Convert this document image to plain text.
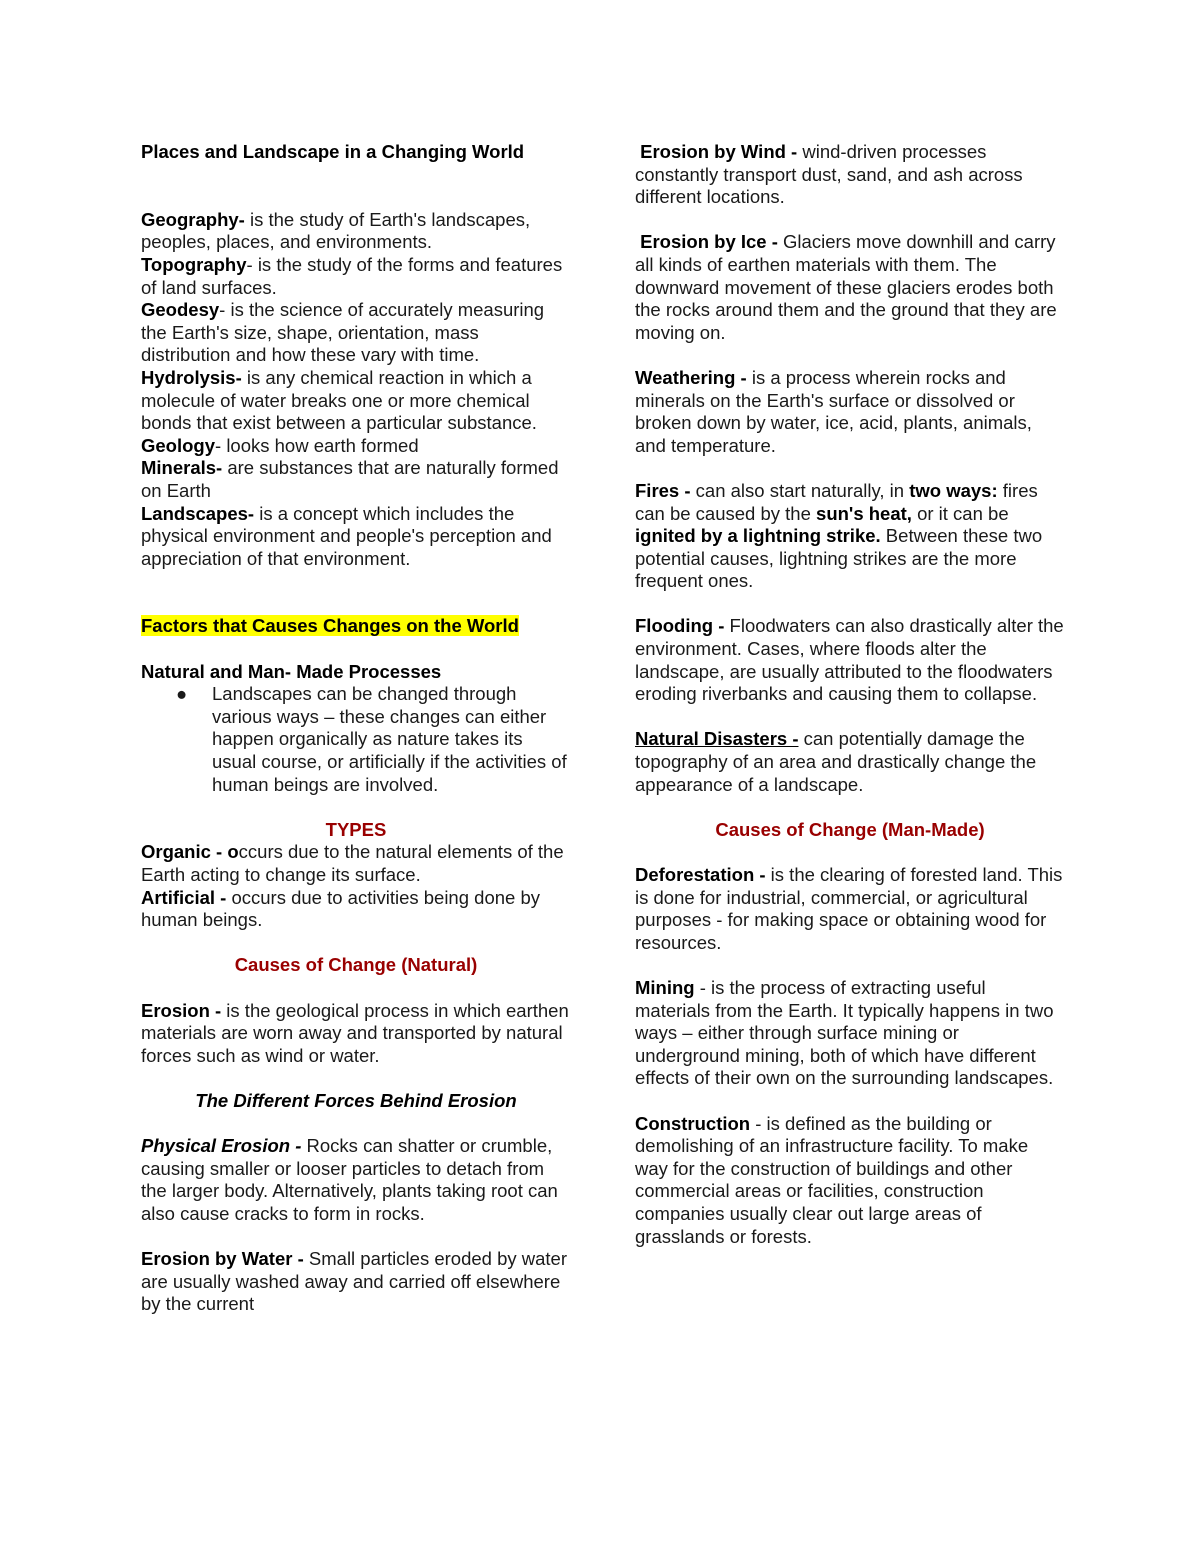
Places and Landscape in a Changing World

Geography- is the study of Earth's landscapes, peoples, places, and environments.

Topography- is the study of the forms and features of land surfaces.

Geodesy- is the science of accurately measuring the Earth's size, shape, orientation, mass distribution and how these vary with time.

Hydrolysis- is any chemical reaction in which a molecule of water breaks one or more chemical bonds that exist between a particular substance.

Geology- looks how earth formed

Minerals- are substances that are naturally formed on Earth

Landscapes- is a concept which includes the physical environment and people's perception and appreciation of that environment.

Factors that Causes Changes on the World

Natural and Man- Made Processes

● Landscapes can be changed through various ways – these changes can either happen organically as nature takes its usual course, or artificially if the activities of human beings are involved.

TYPES

Organic - occurs due to the natural elements of the Earth acting to change its surface.

Artificial - occurs due to activities being done by human beings.

Causes of Change (Natural)

Erosion - is the geological process in which earthen materials are worn away and transported by natural forces such as wind or water.

The Different Forces Behind Erosion

Physical Erosion - Rocks can shatter or crumble, causing smaller or looser particles to detach from the larger body. Alternatively, plants taking root can also cause cracks to form in rocks.

Erosion by Water - Small particles eroded by water are usually washed away and carried off elsewhere by the current

Erosion by Wind - wind-driven processes constantly transport dust, sand, and ash across different locations.

Erosion by Ice - Glaciers move downhill and carry all kinds of earthen materials with them. The downward movement of these glaciers erodes both the rocks around them and the ground that they are moving on.

Weathering - is a process wherein rocks and minerals on the Earth's surface or dissolved or broken down by water, ice, acid, plants, animals, and temperature.

Fires - can also start naturally, in two ways: fires can be caused by the sun's heat, or it can be ignited by a lightning strike. Between these two potential causes, lightning strikes are the more frequent ones.

Flooding - Floodwaters can also drastically alter the environment. Cases, where floods alter the landscape, are usually attributed to the floodwaters eroding riverbanks and causing them to collapse.

Natural Disasters - can potentially damage the topography of an area and drastically change the appearance of a landscape.

Causes of Change (Man-Made)

Deforestation - is the clearing of forested land. This is done for industrial, commercial, or agricultural purposes - for making space or obtaining wood for resources.

Mining - is the process of extracting useful materials from the Earth. It typically happens in two ways – either through surface mining or underground mining, both of which have different effects of their own on the surrounding landscapes.

Construction - is defined as the building or demolishing of an infrastructure facility. To make way for the construction of buildings and other commercial areas or facilities, construction companies usually clear out large areas of grasslands or forests.
